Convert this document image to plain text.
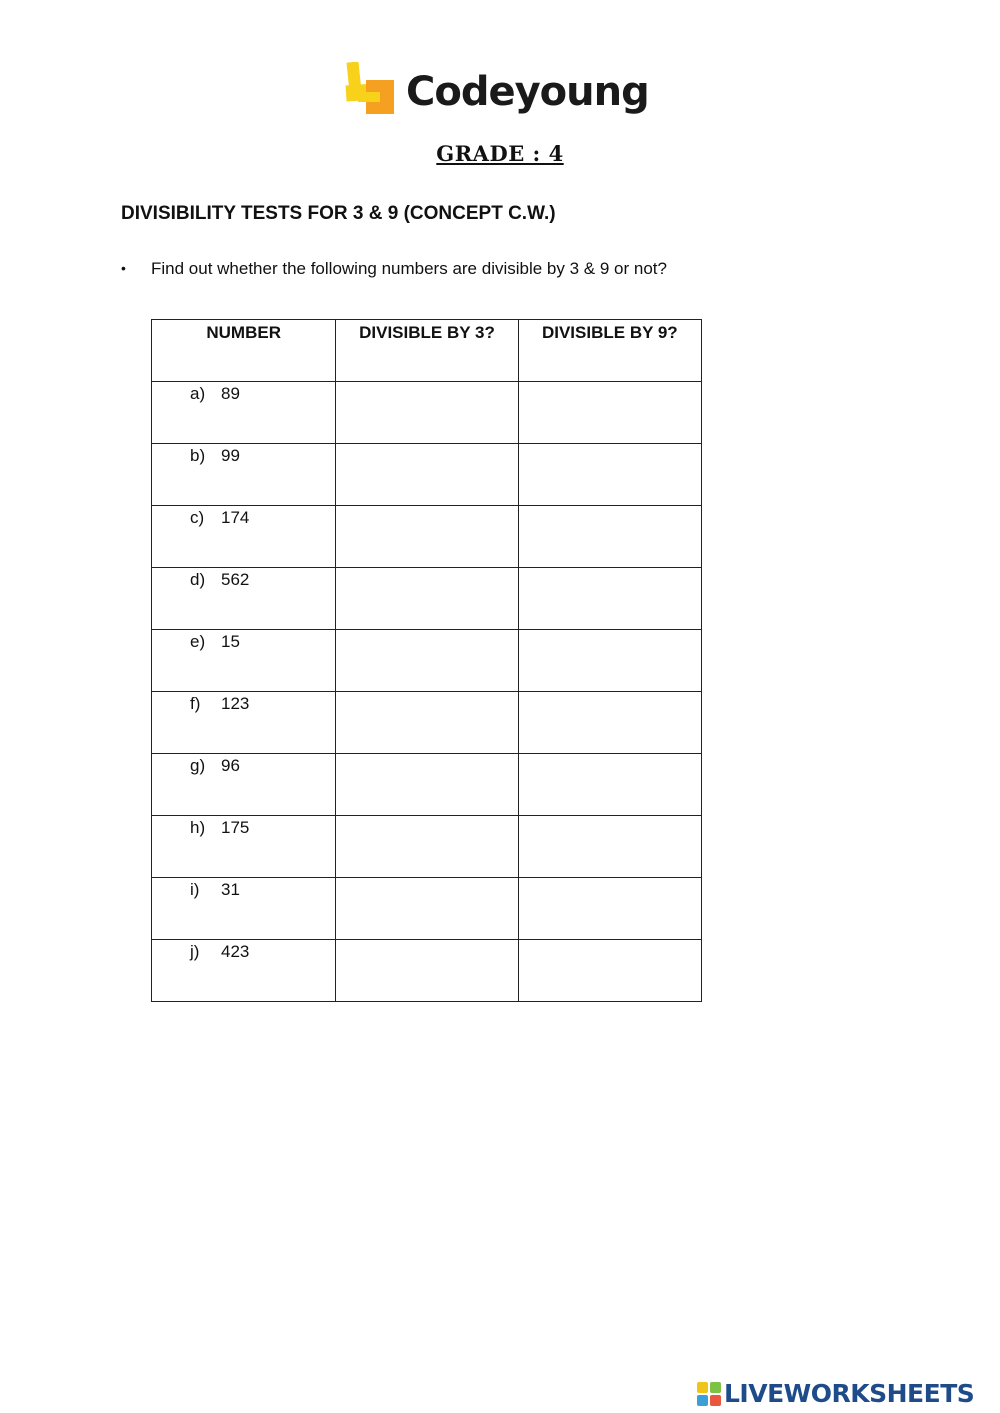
Codeyoung
GRADE : 4
DIVISIBILITY TESTS FOR 3 & 9 (CONCEPT C.W.)
• Find out whether the following numbers are divisible by 3 & 9 or not?
NUMBER	DIVISIBLE BY 3?	DIVISIBLE BY 9?
a) 89		
b) 99		
c) 174		
d) 562		
e) 15		
f) 123		
g) 96		
h) 175		
i) 31		
j) 423		
LIVEWORKSHEETS
